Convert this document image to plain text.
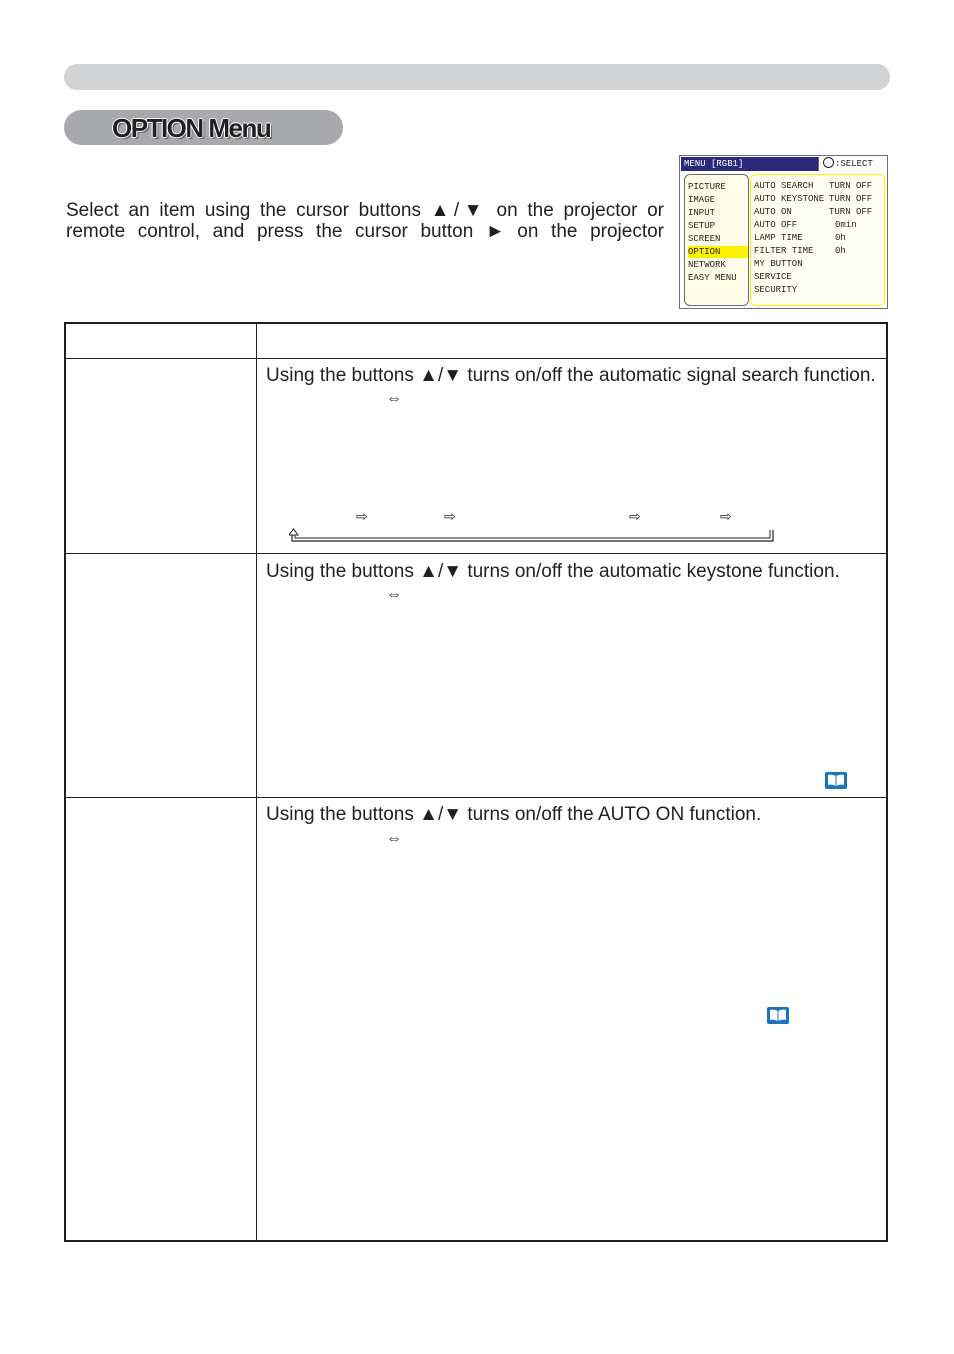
OPTION Menu

Select an item using the cursor buttons ▲/▼ on the projector or
remote control, and press the cursor button ► on the projector

MENU [RGB1]	:SELECT
PICTURE
IMAGE
INPUT
SETUP
SCREEN
OPTION
NETWORK
EASY MENU
AUTO SEARCH TURN OFF
AUTO KEYSTONE TURN OFF
AUTO ON	TURN OFF
AUTO OFF	0min
LAMP TIME	0h
FILTER TIME 0h
MY BUTTON
SERVICE
SECURITY
Using the buttons ▲/▼ turns on/off the automatic signal search function.
⇔
⇨	⇨	⇨	⇨
Using the buttons ▲/▼ turns on/off the automatic keystone function.
⇔
Using the buttons ▲/▼ turns on/off the AUTO ON function.
⇔
